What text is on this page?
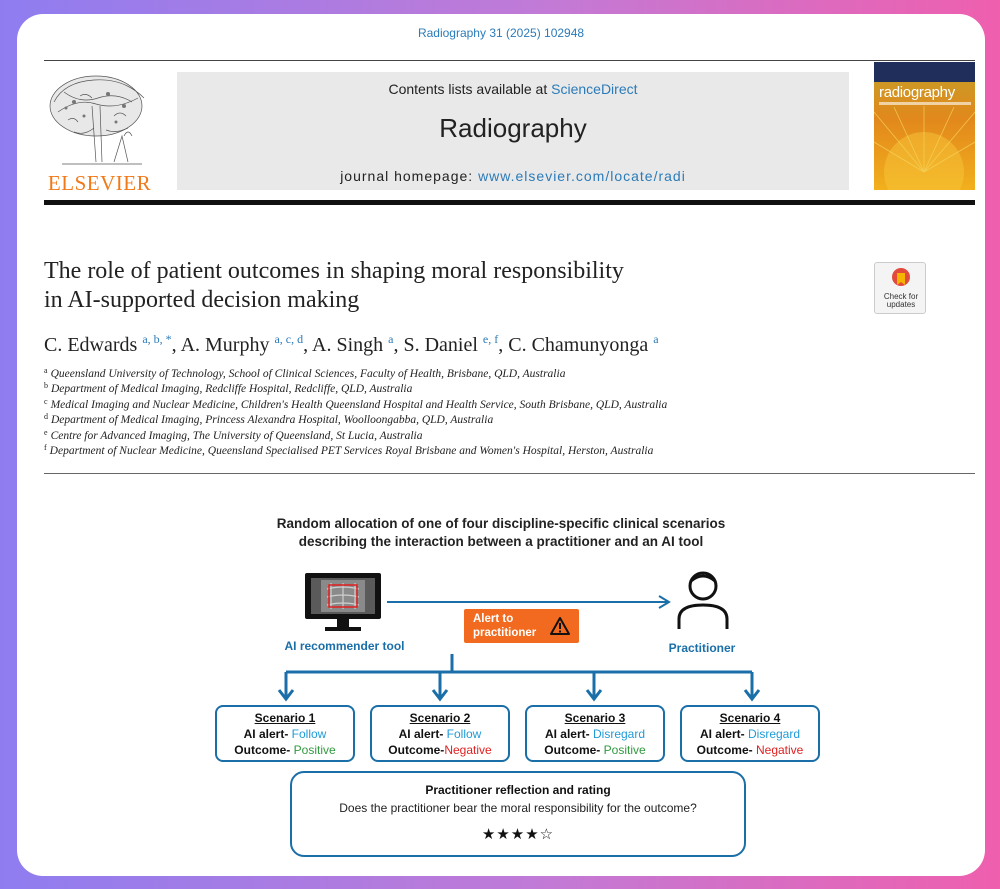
Radiography 31 (2025) 102948
ELSEVIER
Contents lists available at ScienceDirect
Radiography
journal homepage: www.elsevier.com/locate/radi
radiography
The role of patient outcomes in shaping moral responsibility
in AI-supported decision making	Check for
updates
C. Edwards $^{a, b, *}$, A. Murphy $^{a, c, d}$, A. Singh $^a$, S. Daniel $^{e, f}$, C. Chamunyonga $^a$
$^a$ Queensland University of Technology, School of Clinical Sciences, Faculty of Health, Brisbane, QLD, Australia
$^b$ Department of Medical Imaging, Redcliffe Hospital, Redcliffe, QLD, Australia
$^c$ Medical Imaging and Nuclear Medicine, Children's Health Queensland Hospital and Health Service, South Brisbane, QLD, Australia
$^d$ Department of Medical Imaging, Princess Alexandra Hospital, Woolloongabba, QLD, Australia
$^e$ Centre for Advanced Imaging, The University of Queensland, St Lucia, Australia
$^f$ Department of Nuclear Medicine, Queensland Specialised PET Services Royal Brisbane and Women's Hospital, Herston, Australia
Random allocation of one of four discipline-specific clinical scenarios
describing the interaction between a practitioner and an AI tool
AI recommender tool
Alert to
practitioner
Practitioner
Scenario 1
AI alert- Follow
Outcome- Positive
Scenario 2
AI alert- Follow
Outcome-Negative
Scenario 3
AI alert- Disregard
Outcome- Positive
Scenario 4
AI alert- Disregard
Outcome- Negative
Practitioner reflection and rating
Does the practitioner bear the moral responsibility for the outcome?
★★★★☆
